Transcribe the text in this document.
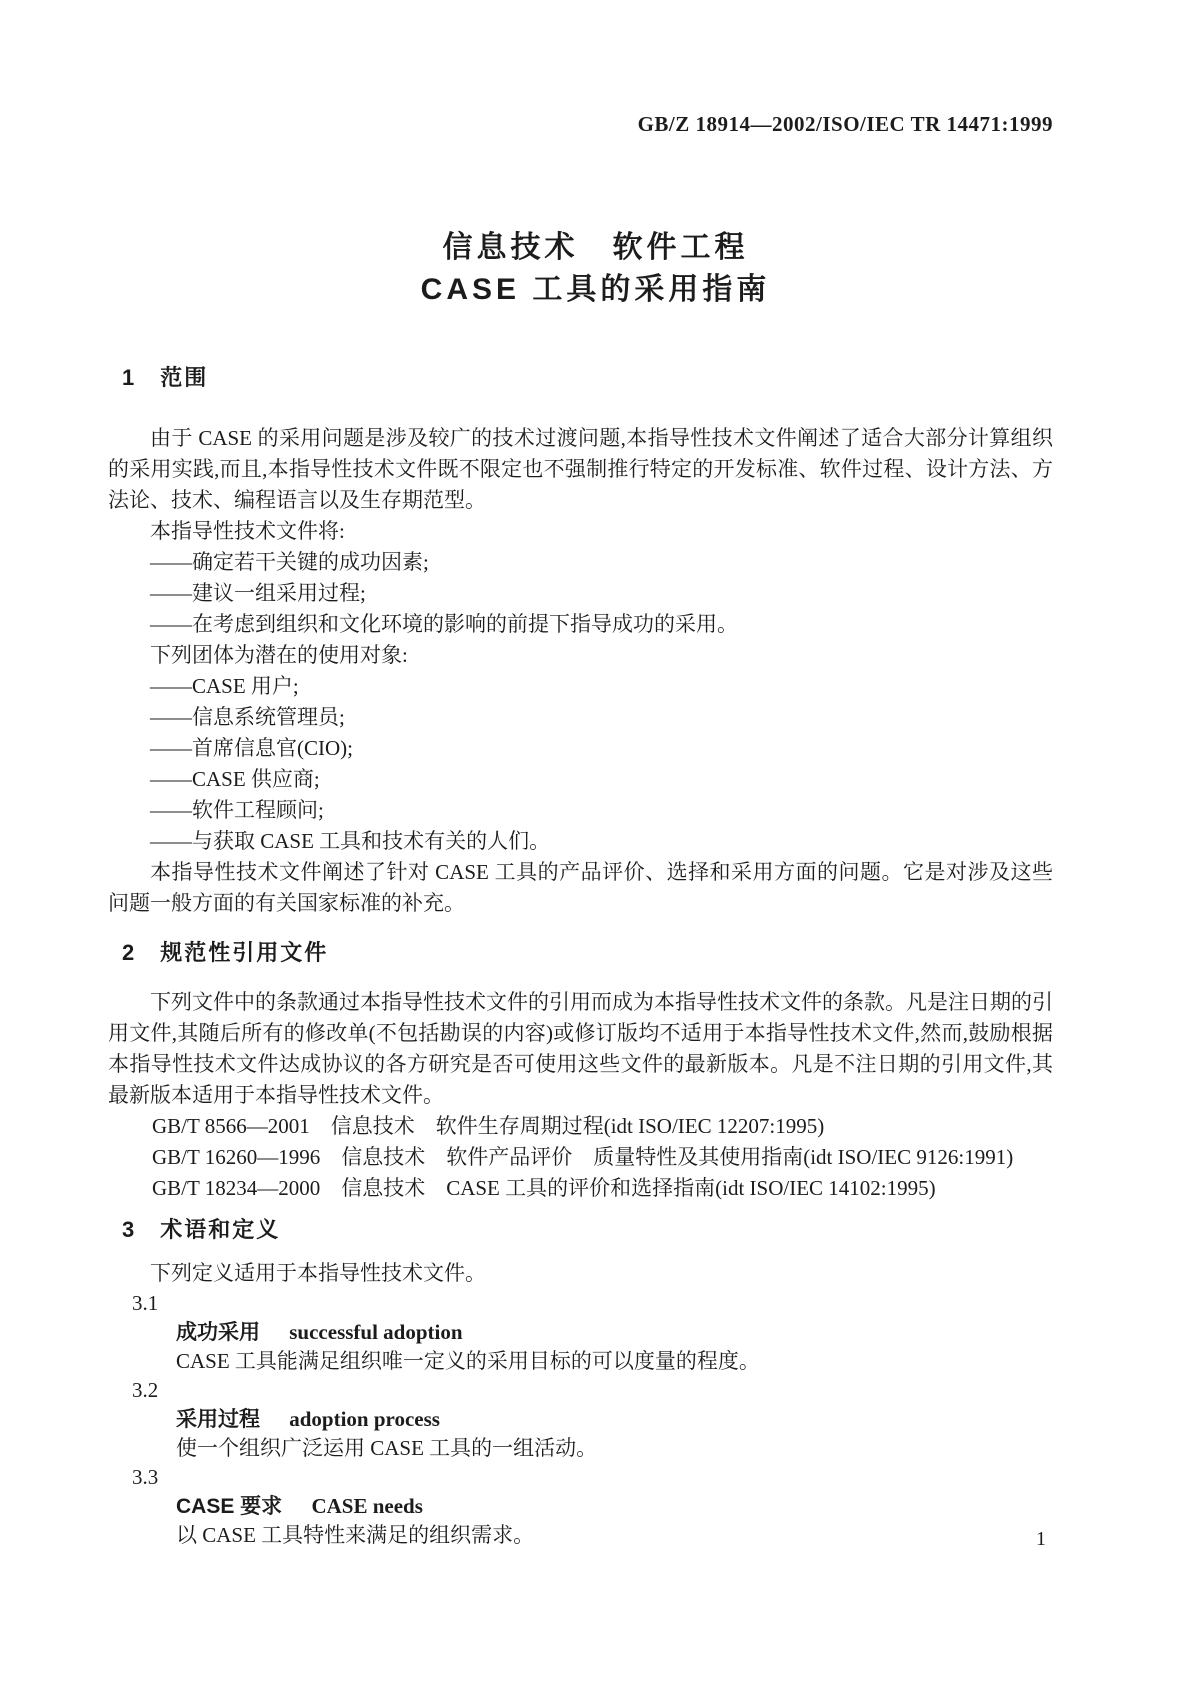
GB/Z 18914—2002/ISO/IEC TR 14471:1999
信息技术　软件工程
CASE 工具的采用指南
1　范围

由于 CASE 的采用问题是涉及较广的技术过渡问题,本指导性技术文件阐述了适合大部分计算组织的采用实践,而且,本指导性技术文件既不限定也不强制推行特定的开发标准、软件过程、设计方法、方法论、技术、编程语言以及生存期范型。

本指导性技术文件将:

——确定若干关键的成功因素;

——建议一组采用过程;

——在考虑到组织和文化环境的影响的前提下指导成功的采用。

下列团体为潜在的使用对象:

——CASE 用户;

——信息系统管理员;

——首席信息官(CIO);

——CASE 供应商;

——软件工程顾问;

——与获取 CASE 工具和技术有关的人们。

本指导性技术文件阐述了针对 CASE 工具的产品评价、选择和采用方面的问题。它是对涉及这些问题一般方面的有关国家标准的补充。

2　规范性引用文件

下列文件中的条款通过本指导性技术文件的引用而成为本指导性技术文件的条款。凡是注日期的引用文件,其随后所有的修改单(不包括勘误的内容)或修订版均不适用于本指导性技术文件,然而,鼓励根据本指导性技术文件达成协议的各方研究是否可使用这些文件的最新版本。凡是不注日期的引用文件,其最新版本适用于本指导性技术文件。

GB/T 8566—2001　信息技术　软件生存周期过程(idt ISO/IEC 12207:1995)

GB/T 16260—1996　信息技术　软件产品评价　质量特性及其使用指南(idt ISO/IEC 9126:1991)

GB/T 18234—2000　信息技术　CASE 工具的评价和选择指南(idt ISO/IEC 14102:1995)

3　术语和定义

下列定义适用于本指导性技术文件。

3.1

成功采用 successful adoption

CASE 工具能满足组织唯一定义的采用目标的可以度量的程度。

3.2

采用过程 adoption process

使一个组织广泛运用 CASE 工具的一组活动。

3.3

CASE 要求 CASE needs

以 CASE 工具特性来满足的组织需求。	1
